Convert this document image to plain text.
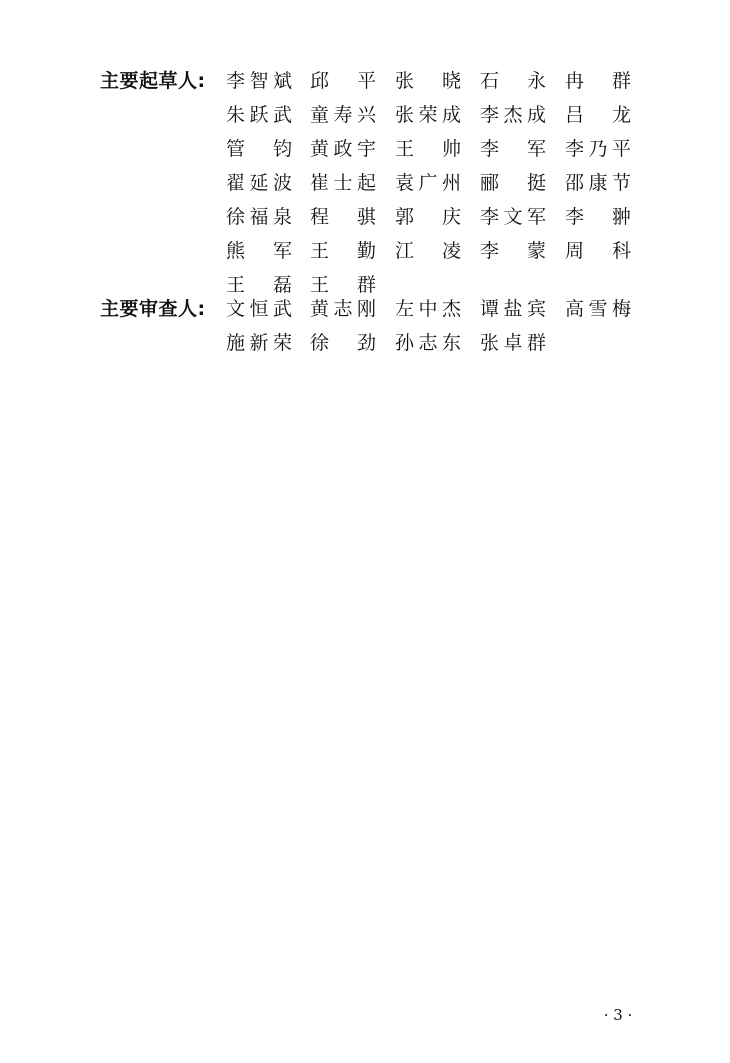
主要起草人:	李 智 斌 邱 平 张 晓 石 永 冉 群
朱 跃 武 童 寿 兴 张 荣 成 李 杰 成 吕 龙
管 钧 黄 政 宇 王 帅 李 军 李 乃 平
翟 延 波 崔 士 起 袁 广 州 郦 挺 邵 康 节
徐 福 泉 程 骐 郭 庆 李 文 军 李 翀
熊 军 王 勤 江 凌 李 蒙 周 科
王 磊 王 群
主要审查人:	文 恒 武 黄 志 刚 左 中 杰 谭 盐 宾 高 雪 梅
施 新 荣 徐 劲 孙 志 东 张 卓 群
· 3 ·
